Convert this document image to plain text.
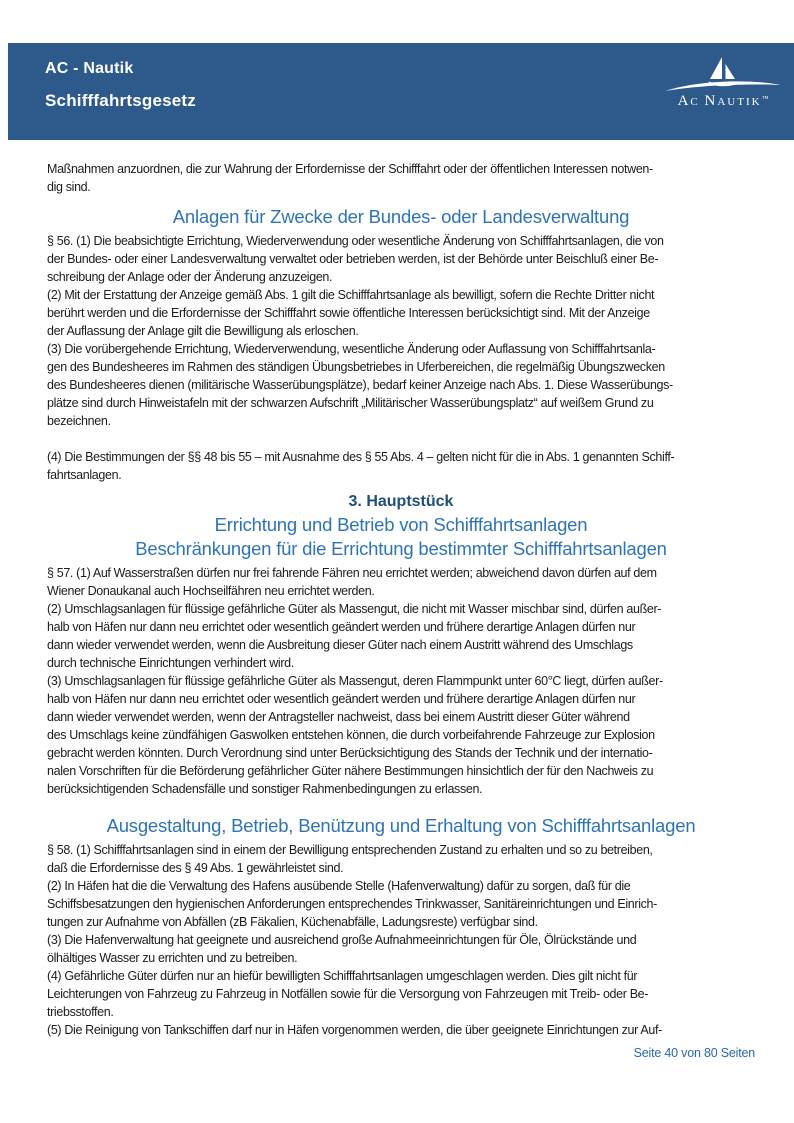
AC - Nautik
Schifffahrtsgesetz	AC NAUTIK™

Maßnahmen anzuordnen, die zur Wahrung der Erfordernisse der Schifffahrt oder der öffentlichen Interessen notwen-
dig sind.

Anlagen für Zwecke der Bundes- oder Landesverwaltung

§ 56. (1) Die beabsichtigte Errichtung, Wiederverwendung oder wesentliche Änderung von Schifffahrtsanlagen, die von
der Bundes- oder einer Landesverwaltung verwaltet oder betrieben werden, ist der Behörde unter Beischluß einer Be-
schreibung der Anlage oder der Änderung anzuzeigen.
(2) Mit der Erstattung der Anzeige gemäß Abs. 1 gilt die Schifffahrtsanlage als bewilligt, sofern die Rechte Dritter nicht
berührt werden und die Erfordernisse der Schifffahrt sowie öffentliche Interessen berücksichtigt sind. Mit der Anzeige
der Auflassung der Anlage gilt die Bewilligung als erloschen.
(3) Die vorübergehende Errichtung, Wiederverwendung, wesentliche Änderung oder Auflassung von Schifffahrtsanla-
gen des Bundesheeres im Rahmen des ständigen Übungsbetriebes in Uferbereichen, die regelmäßig Übungszwecken
des Bundesheeres dienen (militärische Wasserübungsplätze), bedarf keiner Anzeige nach Abs. 1. Diese Wasserübungs-
plätze sind durch Hinweistafeln mit der schwarzen Aufschrift „Militärischer Wasserübungsplatz“ auf weißem Grund zu
bezeichnen.

(4) Die Bestimmungen der §§ 48 bis 55 – mit Ausnahme des § 55 Abs. 4 – gelten nicht für die in Abs. 1 genannten Schiff-
fahrtsanlagen.

3. Hauptstück
Errichtung und Betrieb von Schifffahrtsanlagen
Beschränkungen für die Errichtung bestimmter Schifffahrtsanlagen

§ 57. (1) Auf Wasserstraßen dürfen nur frei fahrende Fähren neu errichtet werden; abweichend davon dürfen auf dem
Wiener Donaukanal auch Hochseilfähren neu errichtet werden.
(2) Umschlagsanlagen für flüssige gefährliche Güter als Massengut, die nicht mit Wasser mischbar sind, dürfen außer-
halb von Häfen nur dann neu errichtet oder wesentlich geändert werden und frühere derartige Anlagen dürfen nur
dann wieder verwendet werden, wenn die Ausbreitung dieser Güter nach einem Austritt während des Umschlags
durch technische Einrichtungen verhindert wird.
(3) Umschlagsanlagen für flüssige gefährliche Güter als Massengut, deren Flammpunkt unter 60°C liegt, dürfen außer-
halb von Häfen nur dann neu errichtet oder wesentlich geändert werden und frühere derartige Anlagen dürfen nur
dann wieder verwendet werden, wenn der Antragsteller nachweist, dass bei einem Austritt dieser Güter während
des Umschlags keine zündfähigen Gaswolken entstehen können, die durch vorbeifahrende Fahrzeuge zur Explosion
gebracht werden könnten. Durch Verordnung sind unter Berücksichtigung des Stands der Technik und der internatio-
nalen Vorschriften für die Beförderung gefährlicher Güter nähere Bestimmungen hinsichtlich der für den Nachweis zu
berücksichtigenden Schadensfälle und sonstiger Rahmenbedingungen zu erlassen.

Ausgestaltung, Betrieb, Benützung und Erhaltung von Schifffahrtsanlagen

§ 58. (1) Schifffahrtsanlagen sind in einem der Bewilligung entsprechenden Zustand zu erhalten und so zu betreiben,
daß die Erfordernisse des § 49 Abs. 1 gewährleistet sind.
(2) In Häfen hat die die Verwaltung des Hafens ausübende Stelle (Hafenverwaltung) dafür zu sorgen, daß für die
Schiffsbesatzungen den hygienischen Anforderungen entsprechendes Trinkwasser, Sanitäreinrichtungen und Einrich-
tungen zur Aufnahme von Abfällen (zB Fäkalien, Küchenabfälle, Ladungsreste) verfügbar sind.
(3) Die Hafenverwaltung hat geeignete und ausreichend große Aufnahmeeinrichtungen für Öle, Ölrückstände und
ölhältiges Wasser zu errichten und zu betreiben.
(4) Gefährliche Güter dürfen nur an hiefür bewilligten Schifffahrtsanlagen umgeschlagen werden. Dies gilt nicht für
Leichterungen von Fahrzeug zu Fahrzeug in Notfällen sowie für die Versorgung von Fahrzeugen mit Treib- oder Be-
triebsstoffen.
(5) Die Reinigung von Tankschiffen darf nur in Häfen vorgenommen werden, die über geeignete Einrichtungen zur Auf-

Seite 40 von 80 Seiten
